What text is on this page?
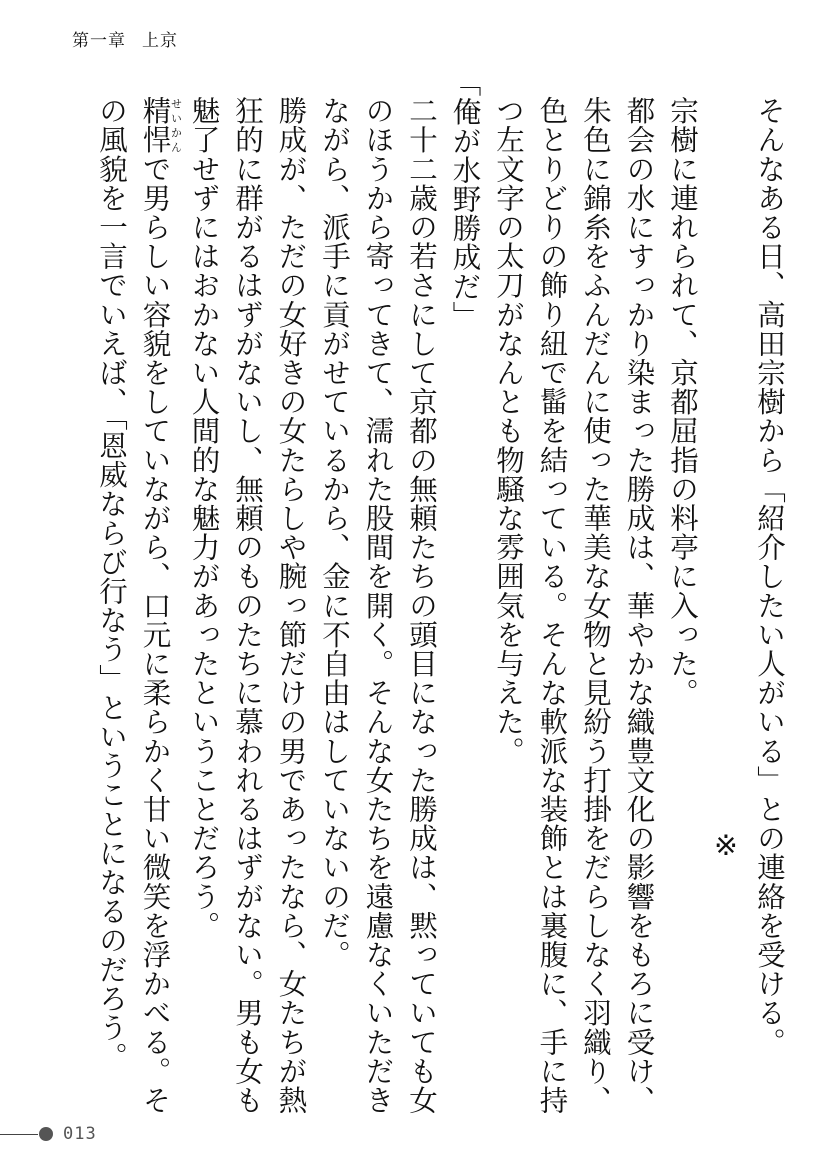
第一章 上京

そんなある日、高田宗樹から「紹介したい人がいる」との連絡を受ける。

※

宗樹に連れられて、京都屈指の料亭に入った。

都会の水にすっかり染まった勝成は、華やかな織豊文化の影響をもろに受け、朱色に錦糸をふんだんに使った華美な女物と見紛う打掛をだらしなく羽織り、色とりどりの飾り紐で髷を結っている。そんな軟派な装飾とは裏腹に、手に持つ左文字の太刀がなんとも物騒な雰囲気を与えた。

「俺が水野勝成だ」

二十二歳の若さにして京都の無頼たちの頭目になった勝成は、黙っていても女のほうから寄ってきて、濡れた股間を開く。そんな女たちを遠慮なくいただきながら、派手に貢がせているから、金に不自由はしていないのだ。

勝成が、ただの女好きの女たらしや腕っ節だけの男であったなら、女たちが熱狂的に群がるはずがないし、無頼のものたちに慕われるはずがない。男も女も魅了せずにはおかない人間的な魅力があったということだろう。

精悍せいかんで男らしい容貌をしていながら、口元に柔らかく甘い微笑を浮かべる。その風貌を一言でいえば、「恩威ならび行なう」ということになるのだろう。

013
